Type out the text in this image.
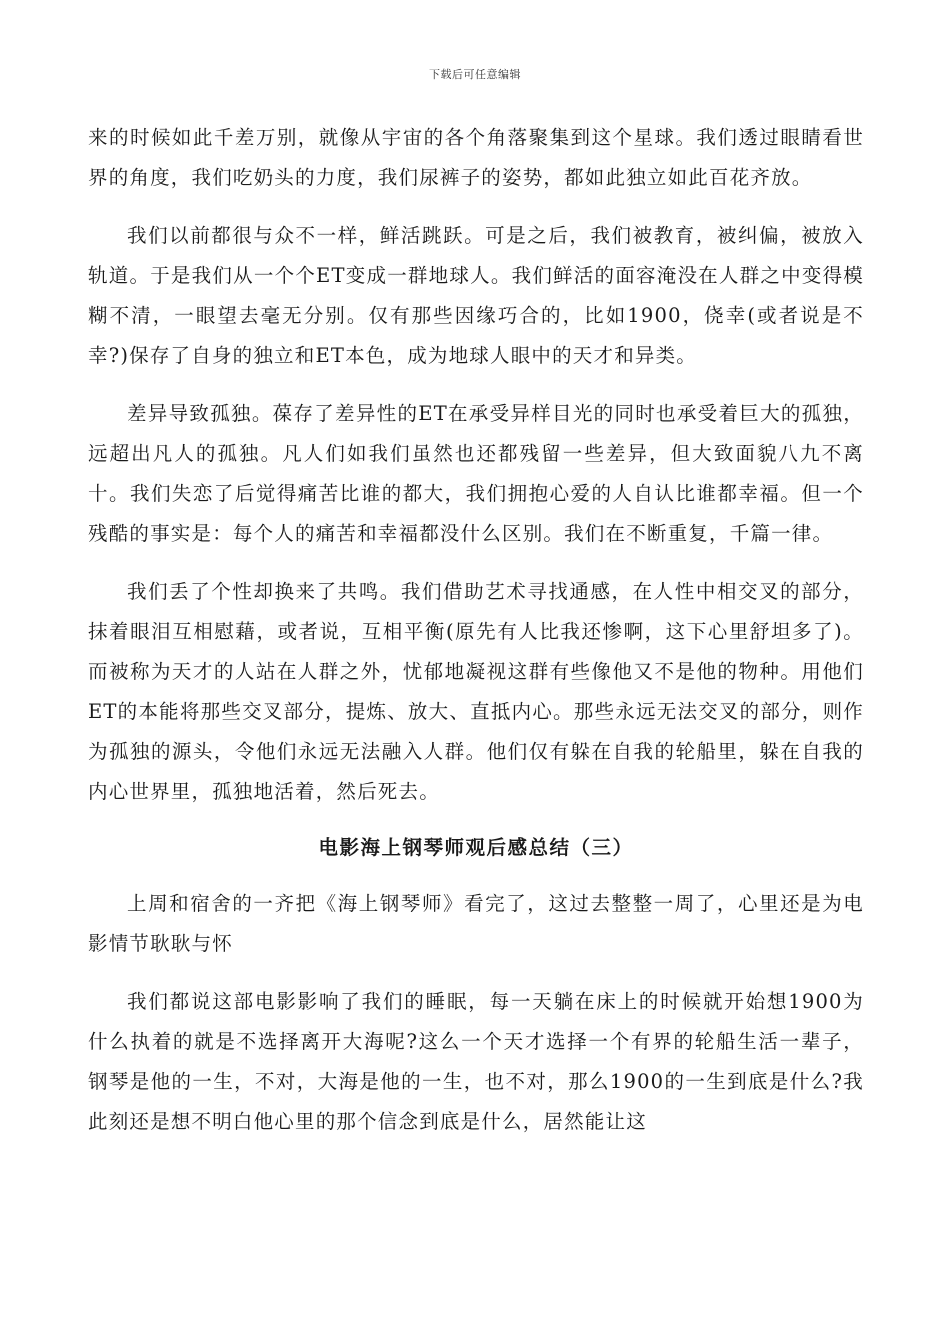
下载后可任意编辑

来的时候如此千差万别，就像从宇宙的各个角落聚集到这个星球。我们透过眼睛看世界的角度，我们吃奶头的力度，我们尿裤子的姿势，都如此独立如此百花齐放。

我们以前都很与众不一样，鲜活跳跃。可是之后，我们被教育，被纠偏，被放入轨道。于是我们从一个个ET变成一群地球人。我们鲜活的面容淹没在人群之中变得模糊不清，一眼望去毫无分别。仅有那些因缘巧合的，比如1900，侥幸(或者说是不幸?)保存了自身的独立和ET本色，成为地球人眼中的天才和异类。

差异导致孤独。葆存了差异性的ET在承受异样目光的同时也承受着巨大的孤独，远超出凡人的孤独。凡人们如我们虽然也还都残留一些差异，但大致面貌八九不离十。我们失恋了后觉得痛苦比谁的都大，我们拥抱心爱的人自认比谁都幸福。但一个残酷的事实是：每个人的痛苦和幸福都没什么区别。我们在不断重复，千篇一律。

我们丢了个性却换来了共鸣。我们借助艺术寻找通感，在人性中相交叉的部分，抹着眼泪互相慰藉，或者说，互相平衡(原先有人比我还惨啊，这下心里舒坦多了)。而被称为天才的人站在人群之外，忧郁地凝视这群有些像他又不是他的物种。用他们ET的本能将那些交叉部分，提炼、放大、直抵内心。那些永远无法交叉的部分，则作为孤独的源头，令他们永远无法融入人群。他们仅有躲在自我的轮船里，躲在自我的内心世界里，孤独地活着，然后死去。

电影海上钢琴师观后感总结（三）

上周和宿舍的一齐把《海上钢琴师》看完了，这过去整整一周了，心里还是为电影情节耿耿与怀

我们都说这部电影影响了我们的睡眠，每一天躺在床上的时候就开始想1900为什么执着的就是不选择离开大海呢?这么一个天才选择一个有界的轮船生活一辈子，钢琴是他的一生，不对，大海是他的一生，也不对，那么1900的一生到底是什么?我此刻还是想不明白他心里的那个信念到底是什么，居然能让这
